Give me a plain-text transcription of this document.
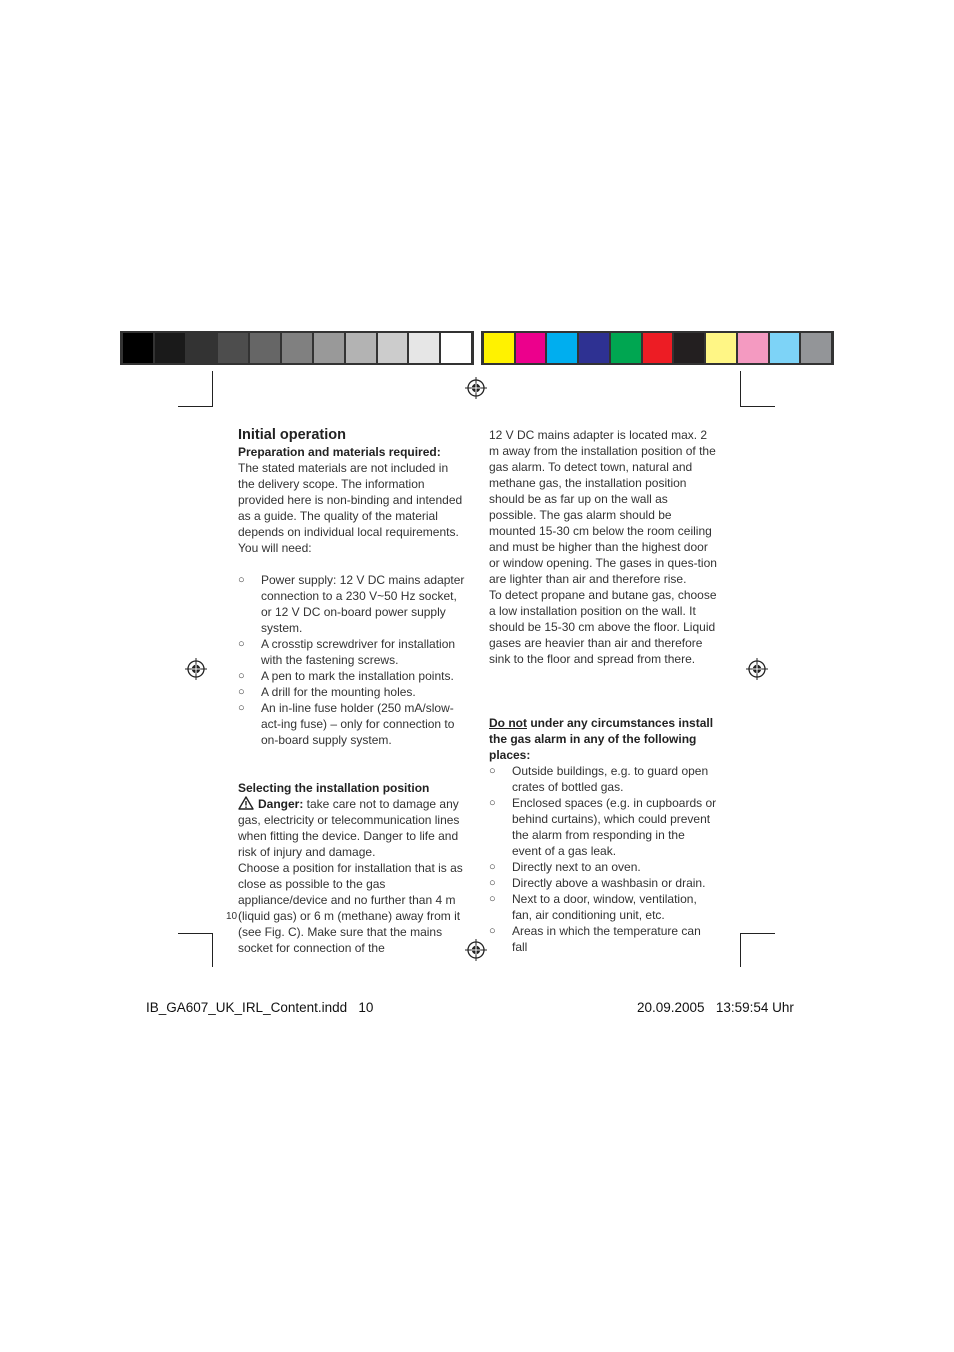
Initial operation

Preparation and materials required:

The stated materials are not included in the delivery scope. The information provided here is non-binding and intended as a guide. The quality of the material depends on individual local requirements. You will need:

○ Power supply: 12 V DC mains adapter connection to a 230 V~50 Hz socket, or 12 V DC on-board power supply system.
○ A crosstip screwdriver for installation with the fastening screws.
○ A pen to mark the installation points.
○ A drill for the mounting holes.
○ An in-line fuse holder (250 mA/slow-act-ing fuse) – only for connection to on-board supply system.

Selecting the installation position

Danger: take care not to damage any gas, electricity or telecommunication lines when fitting the device. Danger to life and risk of injury and damage.

Choose a position for installation that is as close as possible to the gas appliance/device and no further than 4 m (liquid gas) or 6 m (methane) away from it (see Fig. C). Make sure that the mains socket for connection of the

12 V DC mains adapter is located max. 2 m away from the installation position of the gas alarm. To detect town, natural and methane gas, the installation position should be as far up on the wall as possible. The gas alarm should be mounted 15-30 cm below the room ceiling and must be higher than the highest door or window opening. The gases in ques-tion are lighter than air and therefore rise.

To detect propane and butane gas, choose a low installation position on the wall. It should be 15-30 cm above the floor. Liquid gases are heavier than air and therefore sink to the floor and spread from there.

Do not under any circumstances install the gas alarm in any of the following places:

○ Outside buildings, e.g. to guard open crates of bottled gas.
○ Enclosed spaces (e.g. in cupboards or behind curtains), which could prevent the alarm from responding in the event of a gas leak.
○ Directly next to an oven.
○ Directly above a washbasin or drain.
○ Next to a door, window, ventilation, fan, air conditioning unit, etc.
○ Areas in which the temperature can fall
10
IB_GA607_UK_IRL_Content.indd   10	20.09.2005   13:59:54 Uhr
